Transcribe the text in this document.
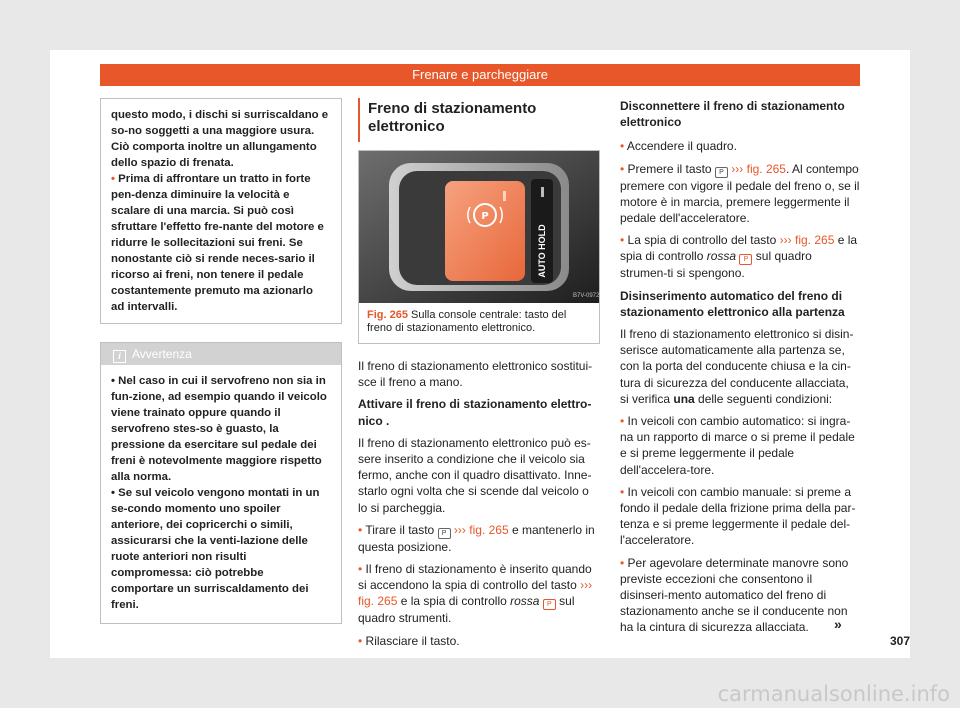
Frenare e parcheggiare

questo modo, i dischi si surriscaldano e so-no soggetti a una maggiore usura. Ciò comporta inoltre un allungamento dello spazio di frenata.

• Prima di affrontare un tratto in forte pen-denza diminuire la velocità e scalare di una marcia. Si può così sfruttare l'effetto fre-nante del motore e ridurre le sollecitazioni sui freni. Se nonostante ciò si rende neces-sario il ricorso ai freni, non tenere il pedale costantemente premuto ma azionarlo ad intervalli.

i Avvertenza

• Nel caso in cui il servofreno non sia in fun-zione, ad esempio quando il veicolo viene trainato oppure quando il servofreno stes-so è guasto, la pressione da esercitare sul pedale dei freni è notevolmente maggiore rispetto alla norma.

• Se sul veicolo vengono montati in un se-condo momento uno spoiler anteriore, dei copricerchi o simili, assicurarsi che la venti-lazione delle ruote anteriori non risulti compromessa: ciò potrebbe comportare un surriscaldamento dei freni.

Freno di stazionamento elettronico
P
AUTO HOLD
B7V-0972
Fig. 265 Sulla console centrale: tasto del freno di stazionamento elettronico.

Il freno di stazionamento elettronico sostitui-sce il freno a mano.

Attivare il freno di stazionamento elettro-nico .

Il freno di stazionamento elettronico può es-sere inserito a condizione che il veicolo sia fermo, anche con il quadro disattivato. Inne-starlo ogni volta che si scende dal veicolo o lo si parcheggia.

• Tirare il tasto P ››› fig. 265 e mantenerlo in questa posizione.

• Il freno di stazionamento è inserito quando si accendono la spia di controllo del tasto ››› fig. 265 e la spia di controllo rossa P sul quadro strumenti.

• Rilasciare il tasto.

Disconnettere il freno di stazionamento elettronico

• Accendere il quadro.

• Premere il tasto P ››› fig. 265. Al contempo premere con vigore il pedale del freno o, se il motore è in marcia, premere leggermente il pedale dell'acceleratore.

• La spia di controllo del tasto ››› fig. 265 e la spia di controllo rossa P sul quadro strumen-ti si spengono.

Disinserimento automatico del freno di stazionamento elettronico alla partenza

Il freno di stazionamento elettronico si disin-serisce automaticamente alla partenza se, con la porta del conducente chiusa e la cin-tura di sicurezza del conducente allacciata, si verifica una delle seguenti condizioni:

• In veicoli con cambio automatico: si ingra-na un rapporto di marce o si preme il pedale e si preme leggermente il pedale dell'accelera-tore.

• In veicoli con cambio manuale: si preme a fondo il pedale della frizione prima della par-tenza e si preme leggermente il pedale del-l'acceleratore.

• Per agevolare determinate manovre sono previste eccezioni che consentono il disinseri-mento automatico del freno di stazionamento anche se il conducente non ha la cintura di sicurezza allacciata.	»
307
carmanualsonline.info
